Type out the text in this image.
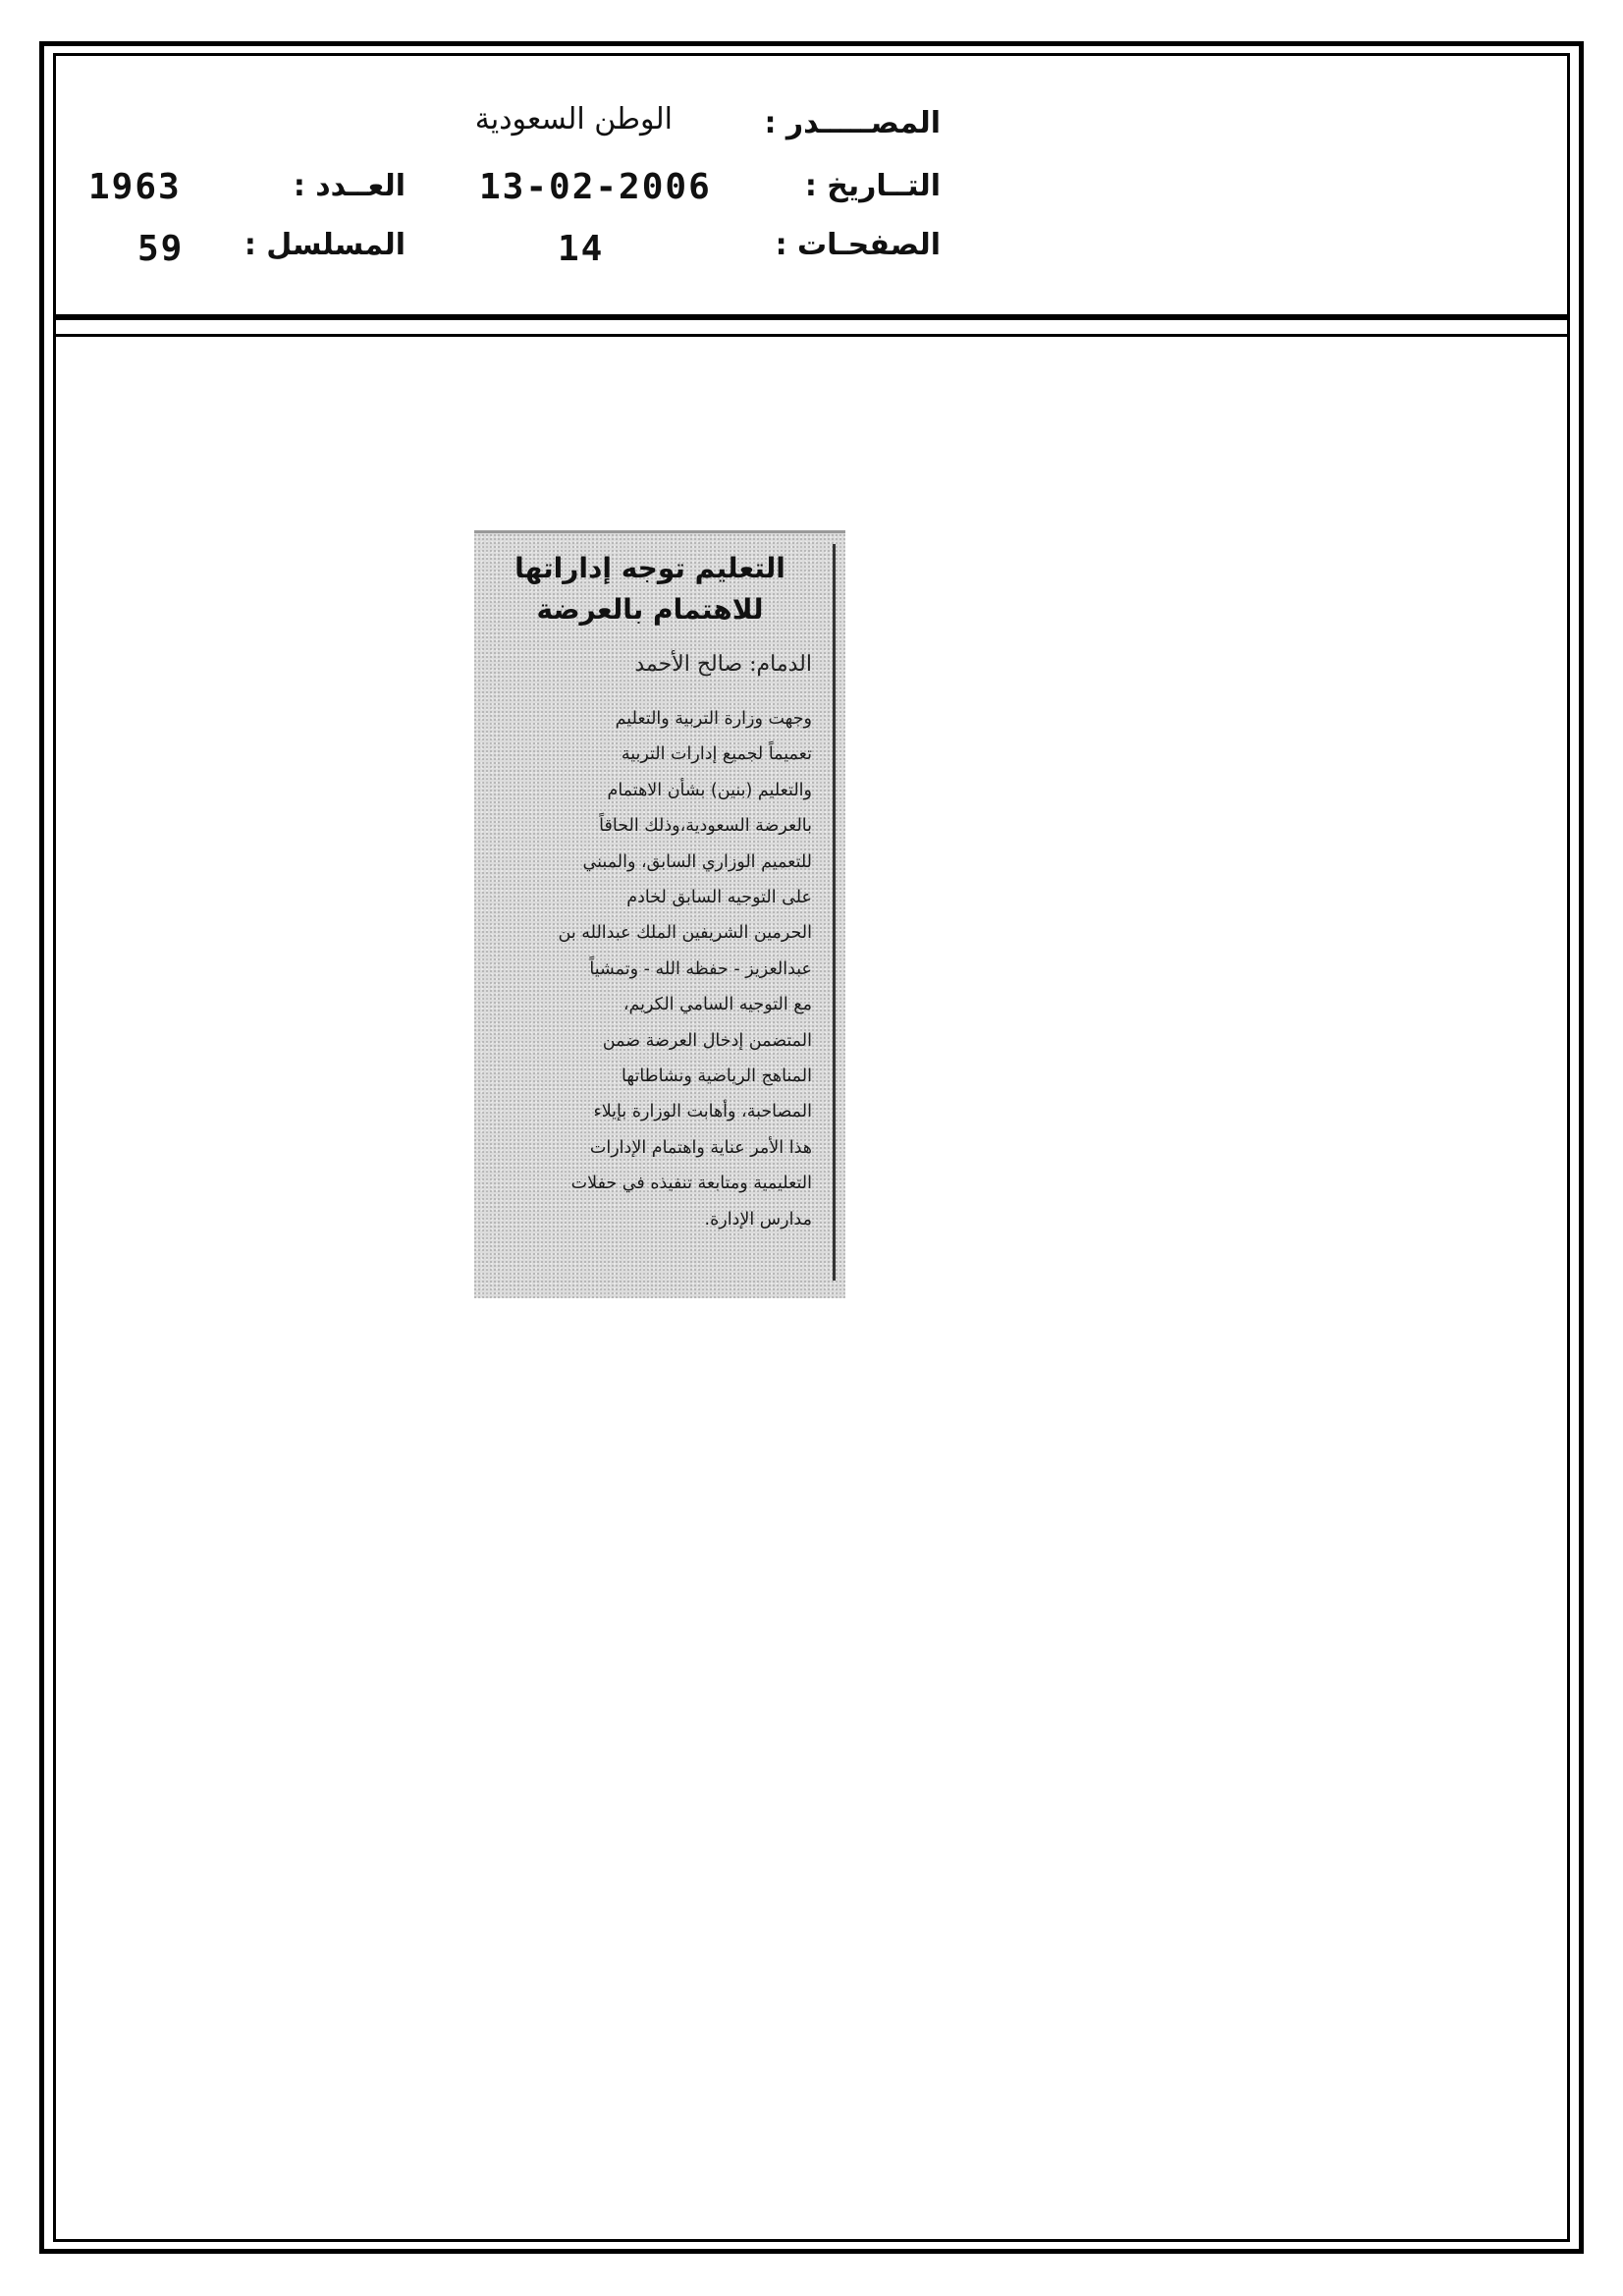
المصـــــدر :
الوطن السعودية
التــاريخ :
13-02-2006
العــدد :
1963
الصفحـات :
14
المسلسل :
59
التعليم توجه إداراتها
للاهتمام بالعرضة
الدمام: صالح الأحمد
وجهت وزارة التربية والتعليم
تعميماً لجميع إدارات التربية
والتعليم (بنين) بشأن الاهتمام
بالعرضة السعودية،وذلك الحاقاً
للتعميم الوزاري السابق، والمبني
على التوجيه السابق لخادم
الحرمين الشريفين الملك عبدالله بن
عبدالعزيز - حفظه الله - وتمشياً
مع التوجيه السامي الكريم،
المتضمن إدخال العرضة ضمن
المناهج الرياضية ونشاطاتها
المصاحبة، وأهابت الوزارة بإيلاء
هذا الأمر عناية واهتمام الإدارات
التعليمية ومتابعة تنفيذه في حفلات
مدارس الإدارة.
